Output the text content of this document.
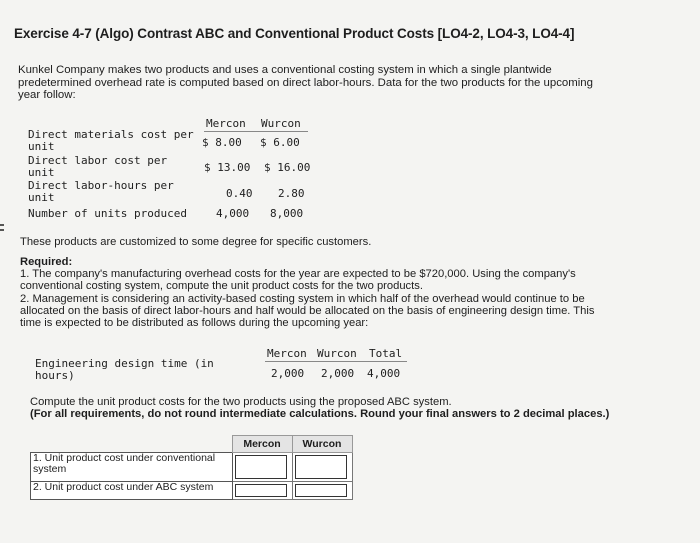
Exercise 4-7 (Algo) Contrast ABC and Conventional Product Costs [LO4-2, LO4-3, LO4-4]
Kunkel Company makes two products and uses a conventional costing system in which a single plantwide predetermined overhead rate is computed based on direct labor-hours. Data for the two products for the upcoming year follow:
Mercon Wurcon
Direct materials cost per
unit	$ 8.00 $ 6.00
Direct labor cost per
unit	$ 13.00 $ 16.00
Direct labor-hours per
unit	0.40 2.80
Number of units produced	4,000 8,000
These products are customized to some degree for specific customers.
Required:
1. The company's manufacturing overhead costs for the year are expected to be $720,000. Using the company's conventional costing system, compute the unit product costs for the two products.
2. Management is considering an activity-based costing system in which half of the overhead would continue to be allocated on the basis of direct labor-hours and half would be allocated on the basis of engineering design time. This time is expected to be distributed as follows during the upcoming year:
Mercon Wurcon Total
Engineering design time (in
hours)	2,000 2,000 4,000
Compute the unit product costs for the two products using the proposed ABC system.
(For all requirements, do not round intermediate calculations. Round your final answers to 2 decimal places.)
	Mercon	Wurcon
1. Unit product cost under conventional system	

2. Unit product cost under ABC system	
